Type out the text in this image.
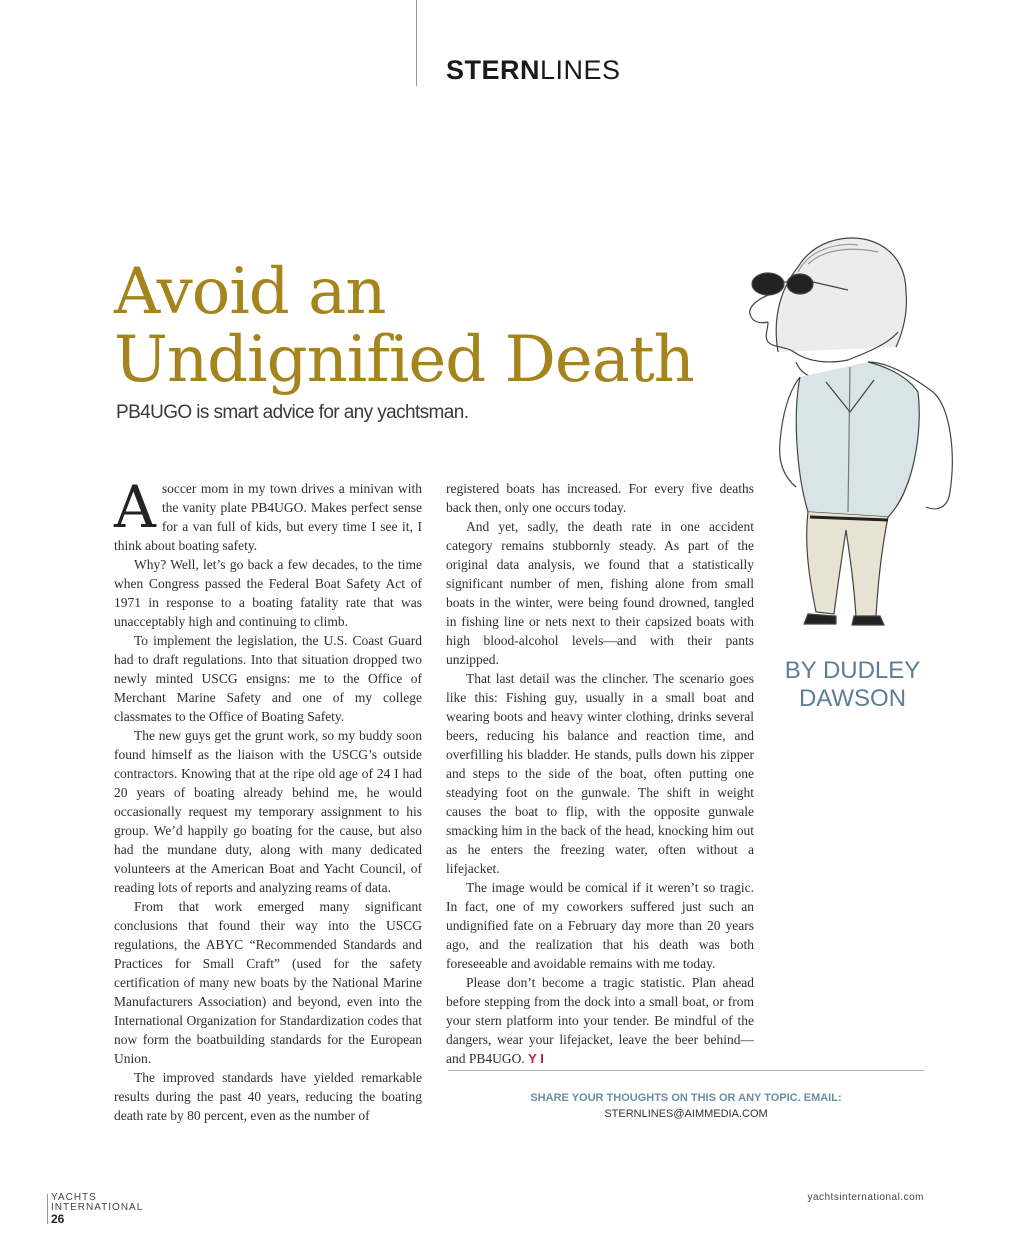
STERNLINES
Avoid an
Undignified Death
PB4UGO is smart advice for any yachtsman.

A soccer mom in my town drives a minivan with the vanity plate PB4UGO. Makes perfect sense for a van full of kids, but every time I see it, I think about boating safety.

Why? Well, let’s go back a few decades, to the time when Congress passed the Federal Boat Safety Act of 1971 in response to a boating fatality rate that was unacceptably high and continuing to climb.

To implement the legislation, the U.S. Coast Guard had to draft regulations. Into that situation dropped two newly minted USCG ensigns: me to the Office of Merchant Marine Safety and one of my college classmates to the Office of Boating Safety.

The new guys get the grunt work, so my buddy soon found himself as the liaison with the USCG’s outside contractors. Knowing that at the ripe old age of 24 I had 20 years of boating already behind me, he would occasionally request my temporary assignment to his group. We’d happily go boating for the cause, but also had the mundane duty, along with many dedicated volunteers at the American Boat and Yacht Council, of reading lots of reports and analyzing reams of data.

From that work emerged many significant conclusions that found their way into the USCG regulations, the ABYC “Recommended Standards and Practices for Small Craft” (used for the safety certification of many new boats by the National Marine Manufacturers Association) and beyond, even into the International Organization for Standardization codes that now form the boatbuilding standards for the European Union.

The improved standards have yielded remarkable results during the past 40 years, reducing the boating death rate by 80 percent, even as the number of

registered boats has increased. For every five deaths back then, only one occurs today.

And yet, sadly, the death rate in one accident category remains stubbornly steady. As part of the original data analysis, we found that a statistically significant number of men, fishing alone from small boats in the winter, were being found drowned, tangled in fishing line or nets next to their capsized boats with high blood-alcohol levels—and with their pants unzipped.

That last detail was the clincher. The scenario goes like this: Fishing guy, usually in a small boat and wearing boots and heavy winter clothing, drinks several beers, reducing his balance and reaction time, and overfilling his bladder. He stands, pulls down his zipper and steps to the side of the boat, often putting one steadying foot on the gunwale. The shift in weight causes the boat to flip, with the opposite gunwale smacking him in the back of the head, knocking him out as he enters the freezing water, often without a lifejacket.

The image would be comical if it weren’t so tragic. In fact, one of my coworkers suffered just such an undignified fate on a February day more than 20 years ago, and the realization that his death was both foreseeable and avoidable remains with me today.

Please don’t become a tragic statistic. Plan ahead before stepping from the dock into a small boat, or from your stern platform into your tender. Be mindful of the dangers, wear your lifejacket, leave the beer behind—and PB4UGO. Y I

BY DUDLEY
DAWSON
SHARE YOUR THOUGHTS ON THIS OR ANY TOPIC. EMAIL:
STERNLINES@AIMMEDIA.COM
YACHTS
INTERNATIONAL
26
yachtsinternational.com
